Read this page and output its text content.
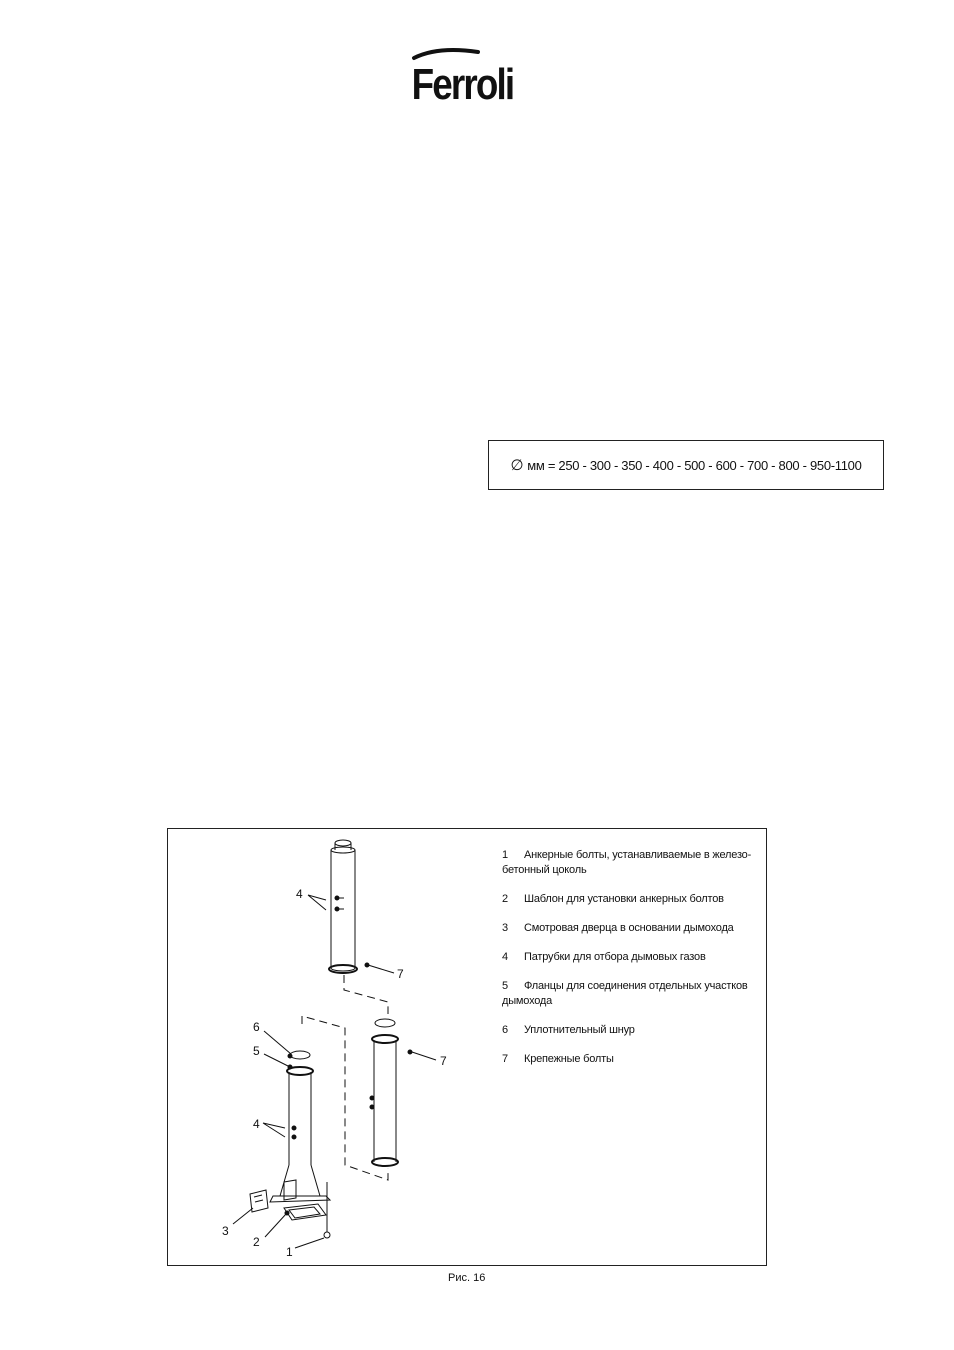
Ferroli
∅ мм = 250 - 300 - 350 - 400 - 500 - 600 - 700 - 800 - 950-1100
4
7
6
5
7
4
3
2
1
1 Анкерные болты, устанавливаемые в железо-бетонный цоколь
2 Шаблон для установки анкерных болтов
3 Смотровая дверца в основании дымохода
4 Патрубки для отбора дымовых газов
5 Фланцы для соединения отдельных участков дымохода
6 Уплотнительный шнур
7 Крепежные болты
Рис. 16
